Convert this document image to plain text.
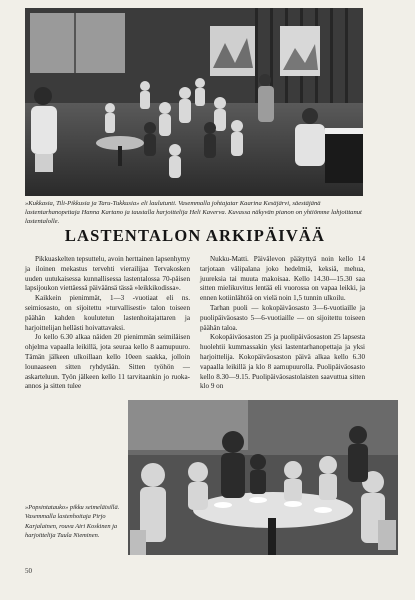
»Kukkasia, Tili-Pikkusia ja Taru-Tukkusia» eli laulutunti. Vasemmalla johtajatar Kaarina Kesäjärvi, säestäjänä lastentarhanopettaja Hanna Kartano ja taustalla harjoittelija Heli Kaverva. Kuvassa näkyvän pianon on yhtiömme lahjoittanut lastentalolle.

LASTENTALON ARKIPÄIVÄÄ

Pikkuaskelten tepsuttelu, avoin herttainen lapsenhymy ja iloinen mekastus tervehti vierailijaa Tervakosken uuden uutukaisessa kunnallisessa lastentalossa 70-päisen lapsijoukon viettäessä päiväänsä tässä »leikkikodissa».

Kaikkein pienimmät, 1—3 -vuotiaat eli ns. seimiosasto, on sijoitettu »turvallisesti» talon toiseen päähän kahden koulutetun lastenhoitajattaren ja harjoittelijan hellästi hoivattavaksi.

Jo kello 6.30 alkaa näiden 20 pienimmän seimiläisen ohjelma vapaalla leikillä, jota seuraa kello 8 aamupuuro. Tämän jälkeen ulkoillaan kello 10een saakka, jolloin lounaaseen sitten ryhdytään. Sitten työhön — askarteluun. Työn jälkeen kello 11 tarvitaankin jo ruoka-annos ja sitten tulee

Nukku-Matti. Päivälevon päätyttyä noin kello 14 tarjotaan välipalana joko hedelmiä, keksiä, mehua, juureksia tai muuta makoisaa. Kello 14.30—15.30 saa sitten mielikuvitus lentää eli vuorossa on vapaa leikki, ja ennen kotiinlähtöä on vielä noin 1,5 tunnin ulkoilu.

Tarhan puoli — kokopäiväosasto 3—6-vuotiaille ja puolipäiväosasto 5—6-vuotiaille — on sijoitettu toiseen päähän taloa.

Kokopäiväosaston 25 ja puolipäiväosaston 25 lapsesta huolehtii kummassakin yksi lastentarhanopettaja ja yksi harjoittelija. Kokopäiväosaston päivä alkaa kello 6.30 vapaalla leikillä ja klo 8 aamupuurolla. Puolipäiväosasto kello 8.30—9.15. Puolipäiväosastolaisten saavuttua sitten klo 9 on

»Popsintatauko» pikku seimeläisillä. Vasemmalla lastenhoitaja Pirjo Karjalainen, rouva Airi Koskinen ja harjoittelija Tuula Nieminen.

50
